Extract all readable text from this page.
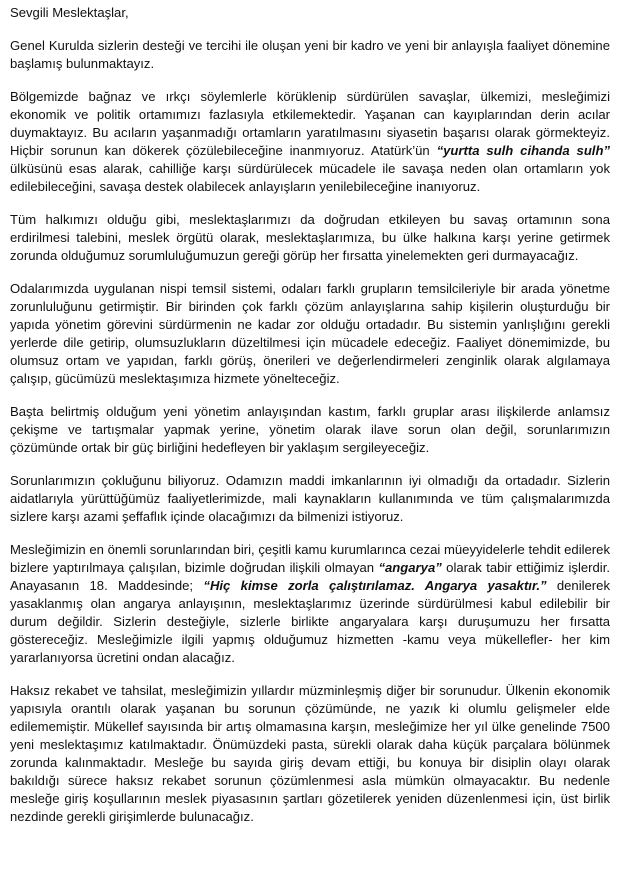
Sevgili Meslektaşlar,

Genel Kurulda sizlerin desteği ve tercihi ile oluşan yeni bir kadro ve yeni bir anlayışla faaliyet dönemine başlamış bulunmaktayız.

Bölgemizde bağnaz ve ırkçı söylemlerle körüklenip sürdürülen savaşlar, ülkemizi, mesleğimizi ekonomik ve politik ortamımızı fazlasıyla etkilemektedir. Yaşanan can kayıplarından derin acılar duymaktayız. Bu acıların yaşanmadığı ortamların yaratılmasını siyasetin başarısı olarak görmekteyiz. Hiçbir sorunun kan dökerek çözülebileceğine inanmıyoruz. Atatürk’ün “yurtta sulh cihanda sulh” ülküsünü esas alarak, cahilliğe karşı sürdürülecek mücadele ile savaşa neden olan ortamların yok edilebileceğini, savaşa destek olabilecek anlayışların yenilebileceğine inanıyoruz.

Tüm halkımızı olduğu gibi, meslektaşlarımızı da doğrudan etkileyen bu savaş ortamının sona erdirilmesi talebini, meslek örgütü olarak, meslektaşlarımıza, bu ülke halkına karşı yerine getirmek zorunda olduğumuz sorumluluğumuzun gereği görüp her fırsatta yinelemekten geri durmayacağız.

Odalarımızda uygulanan nispi temsil sistemi, odaları farklı grupların temsilcileriyle bir arada yönetme zorunluluğunu getirmiştir. Bir birinden çok farklı çözüm anlayışlarına sahip kişilerin oluşturduğu bir yapıda yönetim görevini sürdürmenin ne kadar zor olduğu ortadadır. Bu sistemin yanlışlığını gerekli yerlerde dile getirip, olumsuzlukların düzeltilmesi için mücadele edeceğiz. Faaliyet dönemimizde, bu olumsuz ortam ve yapıdan, farklı görüş, önerileri ve değerlendirmeleri zenginlik olarak algılamaya çalışıp, gücümüzü meslektaşımıza hizmete yönelteceğiz.

Başta belirtmiş olduğum yeni yönetim anlayışından kastım, farklı gruplar arası ilişkilerde anlamsız çekişme ve tartışmalar yapmak yerine, yönetim olarak ilave sorun olan değil, sorunlarımızın çözümünde ortak bir güç birliğini hedefleyen bir yaklaşım sergileyeceğiz.

Sorunlarımızın çokluğunu biliyoruz. Odamızın maddi imkanlarının iyi olmadığı da ortadadır. Sizlerin aidatlarıyla yürüttüğümüz faaliyetlerimizde, mali kaynakların kullanımında ve tüm çalışmalarımızda sizlere karşı azami şeffaflık içinde olacağımızı da bilmenizi istiyoruz.

Mesleğimizin en önemli sorunlarından biri, çeşitli kamu kurumlarınca cezai müeyyidelerle tehdit edilerek bizlere yaptırılmaya çalışılan, bizimle doğrudan ilişkili olmayan “angarya” olarak tabir ettiğimiz işlerdir. Anayasanın 18. Maddesinde; “Hiç kimse zorla çalıştırılamaz. Angarya yasaktır.” denilerek yasaklanmış olan angarya anlayışının, meslektaşlarımız üzerinde sürdürülmesi kabul edilebilir bir durum değildir. Sizlerin desteğiyle, sizlerle birlikte angaryalara karşı duruşumuzu her fırsatta göstereceğiz. Mesleğimizle ilgili yapmış olduğumuz hizmetten -kamu veya mükellefler- her kim yararlanıyorsa ücretini ondan alacağız.

Haksız rekabet ve tahsilat, mesleğimizin yıllardır müzminleşmiş diğer bir sorunudur. Ülkenin ekonomik yapısıyla orantılı olarak yaşanan bu sorunun çözümünde, ne yazık ki olumlu gelişmeler elde edilememiştir. Mükellef sayısında bir artış olmamasına karşın, mesleğimize her yıl ülke genelinde 7500 yeni meslektaşımız katılmaktadır. Önümüzdeki pasta, sürekli olarak daha küçük parçalara bölünmek zorunda kalınmaktadır. Mesleğe bu sayıda giriş devam ettiği, bu konuya bir disiplin olayı olarak bakıldığı sürece haksız rekabet sorunun çözümlenmesi asla mümkün olmayacaktır. Bu nedenle mesleğe giriş koşullarının meslek piyasasının şartları gözetilerek yeniden düzenlenmesi için, üst birlik nezdinde gerekli girişimlerde bulunacağız.
